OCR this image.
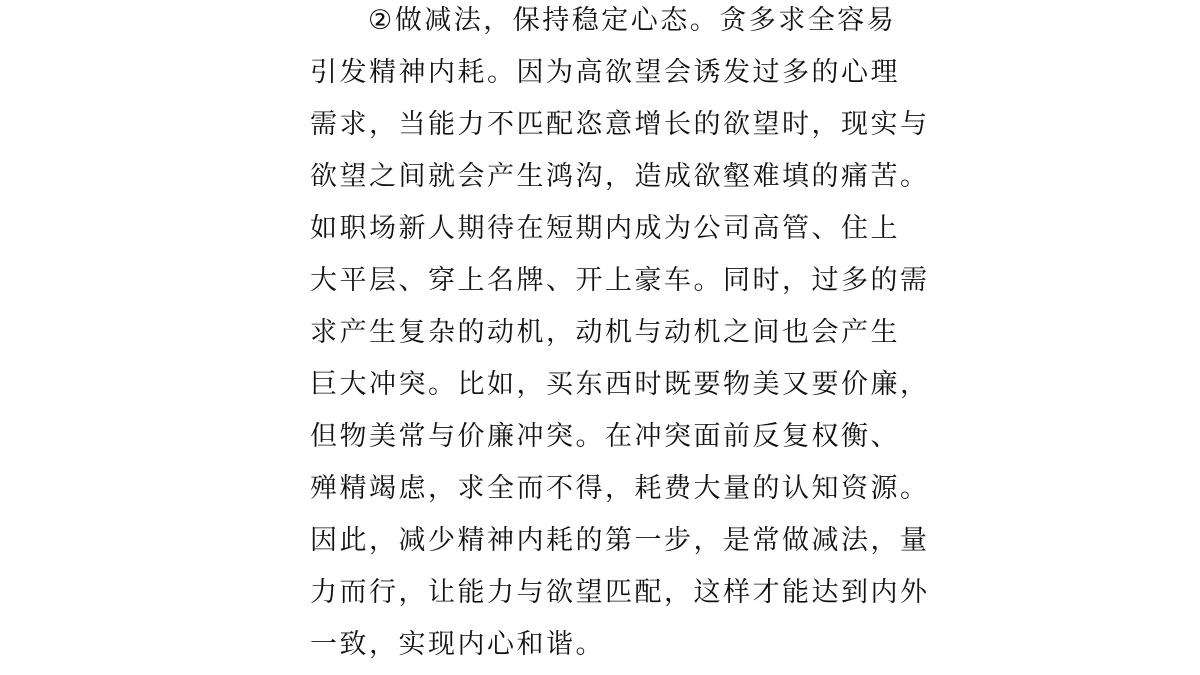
②做减法，保持稳定心态。贪多求全容易
引发精神内耗。因为高欲望会诱发过多的心理
需求，当能力不匹配恣意增长的欲望时，现实与
欲望之间就会产生鸿沟，造成欲壑难填的痛苦。
如职场新人期待在短期内成为公司高管、住上
大平层、穿上名牌、开上豪车。同时，过多的需
求产生复杂的动机，动机与动机之间也会产生
巨大冲突。比如，买东西时既要物美又要价廉，
但物美常与价廉冲突。在冲突面前反复权衡、
殚精竭虑，求全而不得，耗费大量的认知资源。
因此，减少精神内耗的第一步，是常做减法，量
力而行，让能力与欲望匹配，这样才能达到内外
一致，实现内心和谐。
